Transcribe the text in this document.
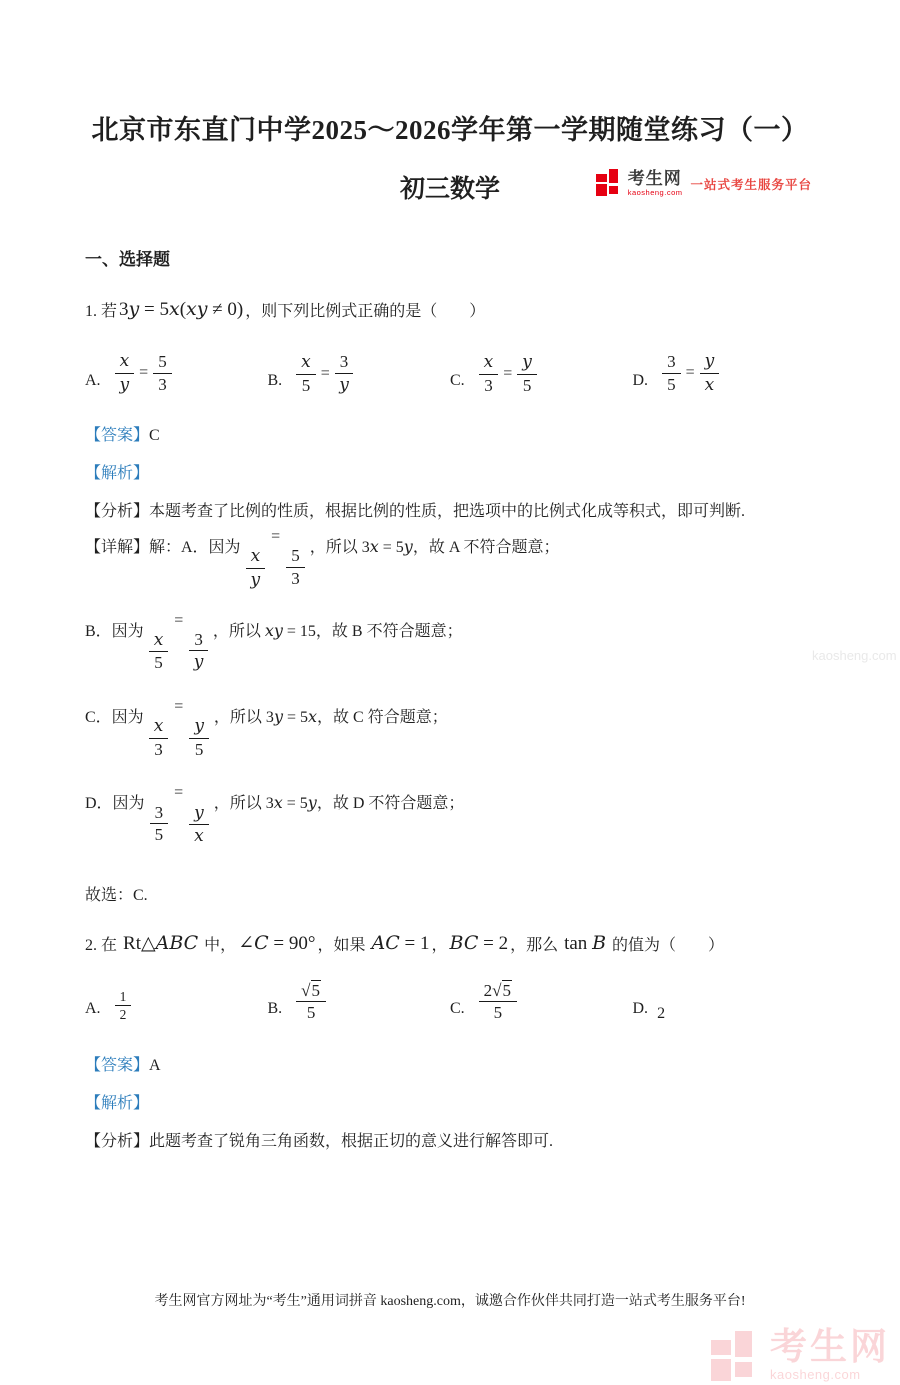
考生网
kaosheng.com 一站式考生服务平台
北京市东直门中学2025～2026学年第一学期随堂练习（一）
初三数学
一、选择题
1. 若 3y = 5x(xy ≠ 0) ，则下列比例式正确的是（　　）
A. $\frac{x}{y} = \frac{5}{3}$	B. $\frac{x}{5} = \frac{3}{y}$	C. $\frac{x}{3} = \frac{y}{5}$	D. $\frac{3}{5} = \frac{y}{x}$
【答案】C
【解析】
【分析】本题考查了比例的性质，根据比例的性质，把选项中的比例式化成等积式，即可判断.
【详解】解：A．因为 $\frac{x}{y}$
=
$\frac{5}{3}$ ，所以 3x = 5y，故 A 不符合题意；
B．因为 $\frac{x}{5}$
=
$\frac{3}{y}$ ，所以 xy = 15，故 B 不符合题意；
C．因为 $\frac{x}{3}$
=
$\frac{y}{5}$ ，所以 3y = 5x，故 C 符合题意；
D．因为 $\frac{3}{5}$
=
$\frac{y}{x}$ ，所以 3x = 5y，故 D 不符合题意；
故选：C.
2. 在 Rt△ABC 中， ∠C = 90° ，如果 AC = 1 ， BC = 2 ，那么 tan B 的值为（　　）
A. $\frac{1}{2}$	B. $\frac{√5}{5}$	C. $\frac{2√5}{5}$	D. 2
【答案】A
【解析】
【分析】此题考查了锐角三角函数，根据正切的意义进行解答即可.
kaosheng.com
考生网官方网址为“考生”通用词拼音 kaosheng.com，诚邀合作伙伴共同打造一站式考生服务平台!
考生网
kaosheng.com
